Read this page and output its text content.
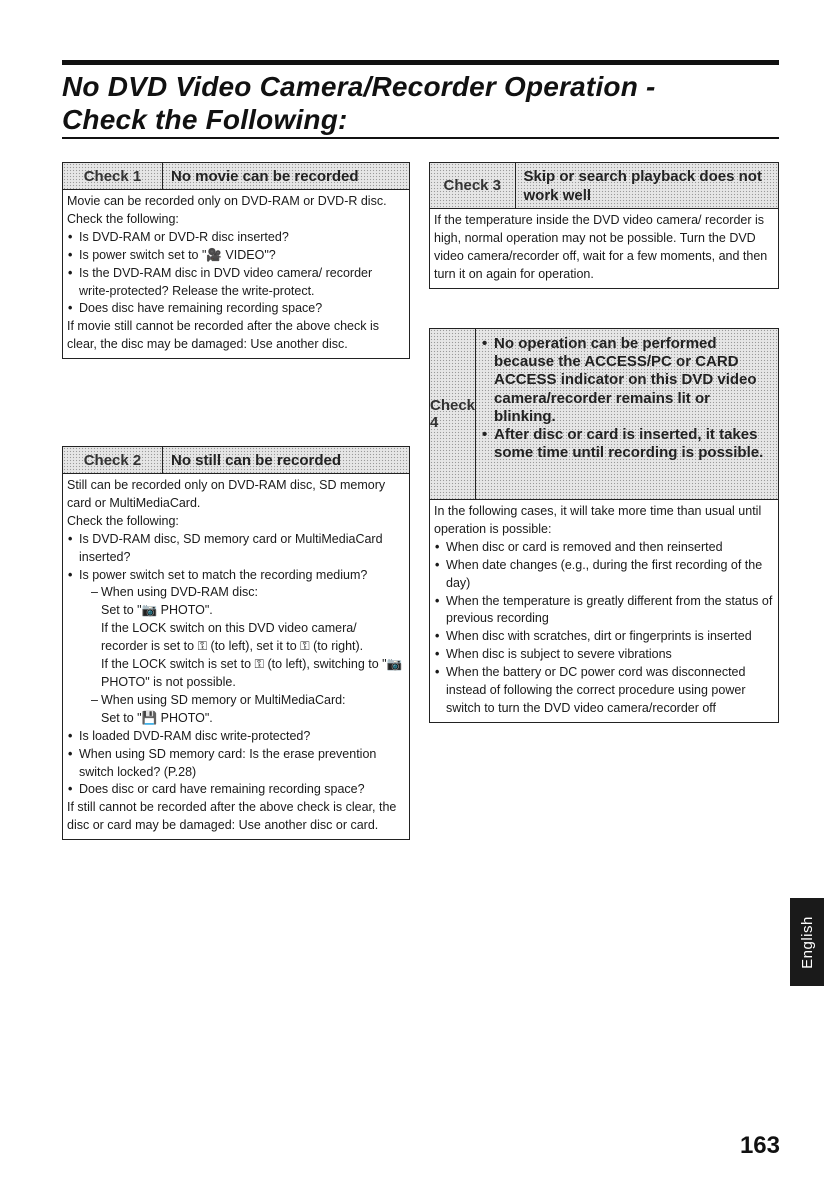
No DVD Video Camera/Recorder Operation -
Check the Following:
Check 1	No movie can be recorded

Movie can be recorded only on DVD-RAM or DVD-R disc.

Check the following:

• Is DVD-RAM or DVD-R disc inserted?
• Is power switch set to "🎥 VIDEO"?
• Is the DVD-RAM disc in DVD video camera/ recorder write-protected? Release the write-protect.
• Does disc have remaining recording space?

If movie still cannot be recorded after the above check is clear, the disc may be damaged: Use another disc.

Check 2	No still can be recorded

Still can be recorded only on DVD-RAM disc, SD memory card or MultiMediaCard.

Check the following:

• Is DVD-RAM disc, SD memory card or MultiMediaCard inserted?
• Is power switch set to match the recording medium?
– When using DVD-RAM disc:
Set to "📷 PHOTO".
If the LOCK switch on this DVD video camera/ recorder is set to ⚿ (to left), set it to ⚿ (to right).
If the LOCK switch is set to ⚿ (to left), switching to "📷 PHOTO" is not possible.
– When using SD memory or MultiMediaCard:
Set to "💾 PHOTO".
• Is loaded DVD-RAM disc write-protected?
• When using SD memory card: Is the erase prevention switch locked? (P.28)
• Does disc or card have remaining recording space?

If still cannot be recorded after the above check is clear, the disc or card may be damaged: Use another disc or card.

Check 3
Skip or search playback does not work well

If the temperature inside the DVD video camera/ recorder is high, normal operation may not be possible. Turn the DVD video camera/recorder off, wait for a few moments, and then turn it on again for operation.

Check 4
• No operation can be performed because the ACCESS/PC or CARD ACCESS indicator on this DVD video camera/recorder remains lit or blinking.
• After disc or card is inserted, it takes some time until recording is possible.

In the following cases, it will take more time than usual until operation is possible:

• When disc or card is removed and then reinserted
• When date changes (e.g., during the first recording of the day)
• When the temperature is greatly different from the status of previous recording
• When disc with scratches, dirt or fingerprints is inserted
• When disc is subject to severe vibrations
• When the battery or DC power cord was disconnected instead of following the correct procedure using power switch to turn the DVD video camera/recorder off
English
163
